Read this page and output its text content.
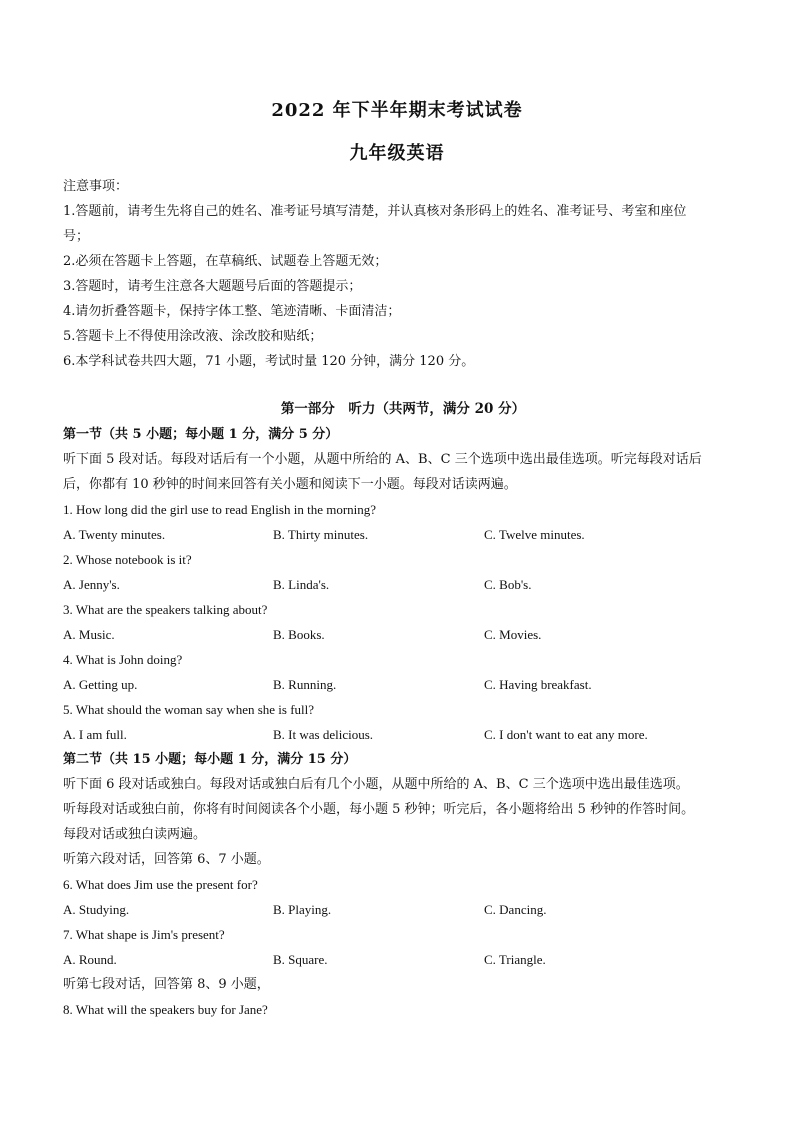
2022 年下半年期末考试试卷
九年级英语
注意事项：
1.答题前，请考生先将自己的姓名、准考证号填写清楚，并认真核对条形码上的姓名、准考证号、考室和座位
号；
2.必须在答题卡上答题，在草稿纸、试题卷上答题无效；
3.答题时，请考生注意各大题题号后面的答题提示；
4.请勿折叠答题卡，保持字体工整、笔迹清晰、卡面清洁；
5.答题卡上不得使用涂改液、涂改胶和贴纸；
6.本学科试卷共四大题，71 小题，考试时量 120 分钟，满分 120 分。
第一部分　听力（共两节，满分 20 分）
第一节（共 5 小题；每小题 1 分，满分 5 分）
听下面 5 段对话。每段对话后有一个小题，从题中所给的 A、B、C 三个选项中选出最佳选项。听完每段对话后
后，你都有 10 秒钟的时间来回答有关小题和阅读下一小题。每段对话读两遍。
1. How long did the girl use to read English in the morning?
A. Twenty minutes.	B. Thirty minutes.	C. Twelve minutes.
2. Whose notebook is it?
A. Jenny's.	B. Linda's.	C. Bob's.
3. What are the speakers talking about?
A. Music.	B. Books.	C. Movies.
4. What is John doing?
A. Getting up.	B. Running.	C. Having breakfast.
5. What should the woman say when she is full?
A. I am full.	B. It was delicious.	C. I don't want to eat any more.
第二节（共 15 小题；每小题 1 分，满分 15 分）
听下面 6 段对话或独白。每段对话或独白后有几个小题，从题中所给的 A、B、C 三个选项中选出最佳选项。
听每段对话或独白前，你将有时间阅读各个小题，每小题 5 秒钟；听完后，各小题将给出 5 秒钟的作答时间。
每段对话或独白读两遍。
听第六段对话，回答第 6、7 小题。
6. What does Jim use the present for?
A. Studying.	B. Playing.	C. Dancing.
7. What shape is Jim's present?
A. Round.	B. Square.	C. Triangle.
听第七段对话，回答第 8、9 小题，
8. What will the speakers buy for Jane?
